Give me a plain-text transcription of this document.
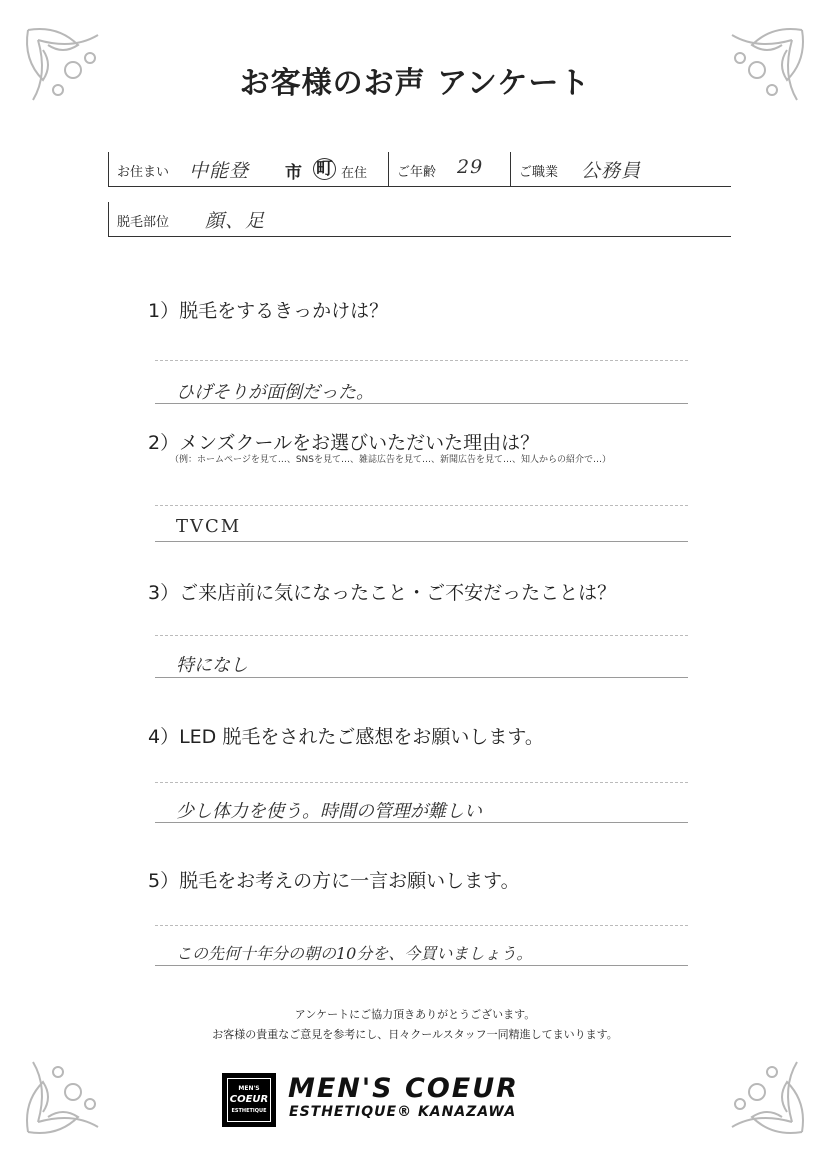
お客様のお声 アンケート
お住まい 中能登 市 町 在住 ご年齢 29	ご職業 公務員
脱毛部位 顔、足
1）脱毛をするきっかけは？
ひげそりが面倒だった。
2）メンズクールをお選びいただいた理由は？
（例：ホームページを見て…、SNSを見て…、雑誌広告を見て…、新聞広告を見て…、知人からの紹介で…）
TVCM
3）ご来店前に気になったこと・ご不安だったことは？
特になし
4）LED 脱毛をされたご感想をお願いします。
少し体力を使う。時間の管理が難しい
5）脱毛をお考えの方に一言お願いします。
この先何十年分の朝の10分を、今買いましょう。
アンケートにご協力頂きありがとうございます。
お客様の貴重なご意見を参考にし、日々クールスタッフ一同精進してまいります。
MEN'S
COEUR
ESTHETIQUE
MEN'S COEUR
ESTHETIQUE® KANAZAWA
